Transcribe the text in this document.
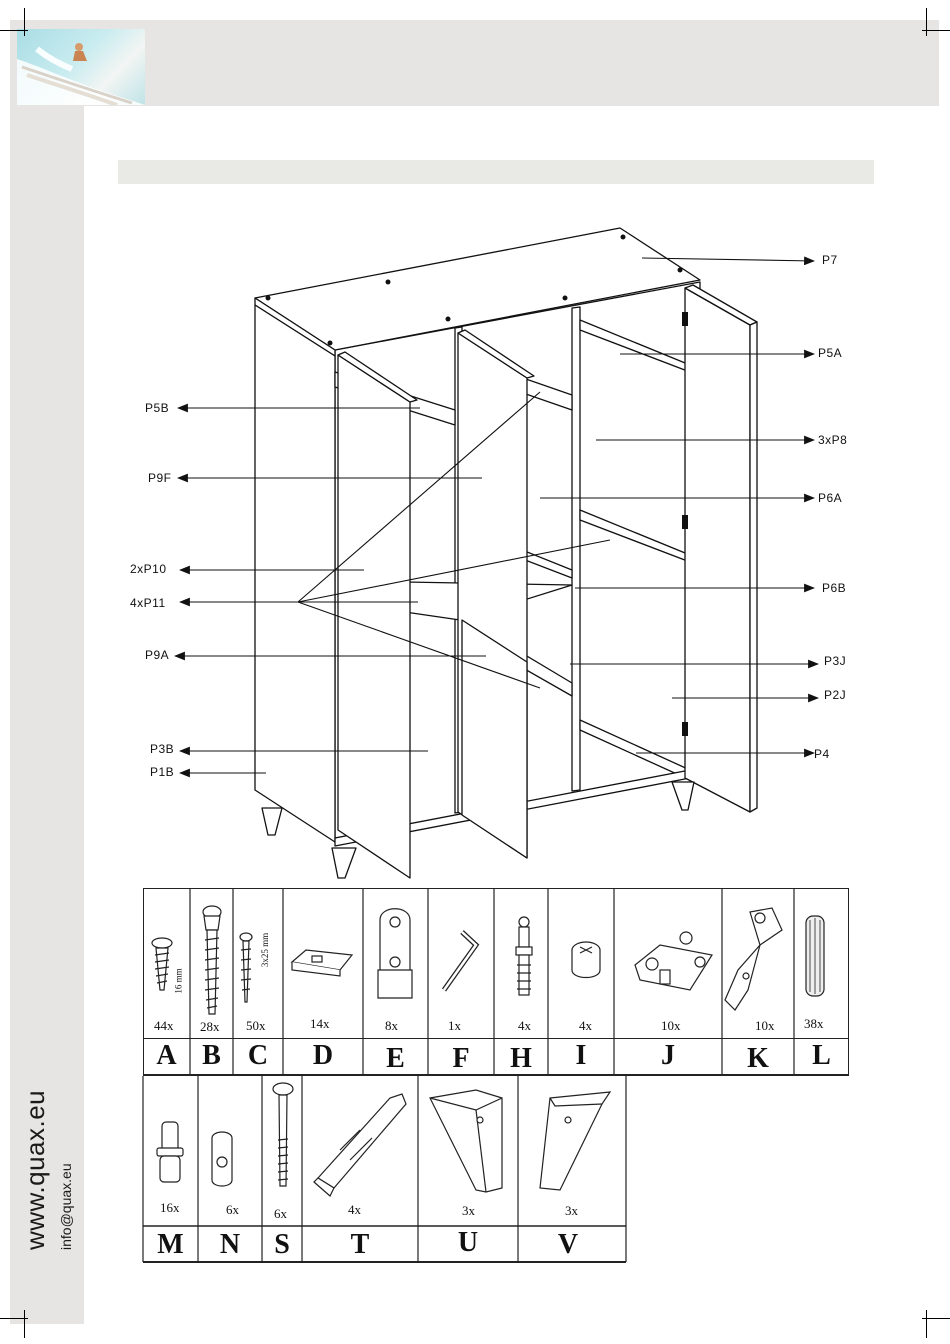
www.quax.eu info@quax.eu
P7
P5A
3xP8
P6A
P6B
P3J
P2J
P4
P5B
P9F
2xP10
4xP11
P9A
P3B
P1B
16 mm
3x25 mm
44x 28x 50x	14x	8x	1x	4x	4x	10x	10x 38x
A B C	D	E	F	H	I	J	K	L
16x	6x	6x	4x	3x	3x
M	N	S	T	U	V
